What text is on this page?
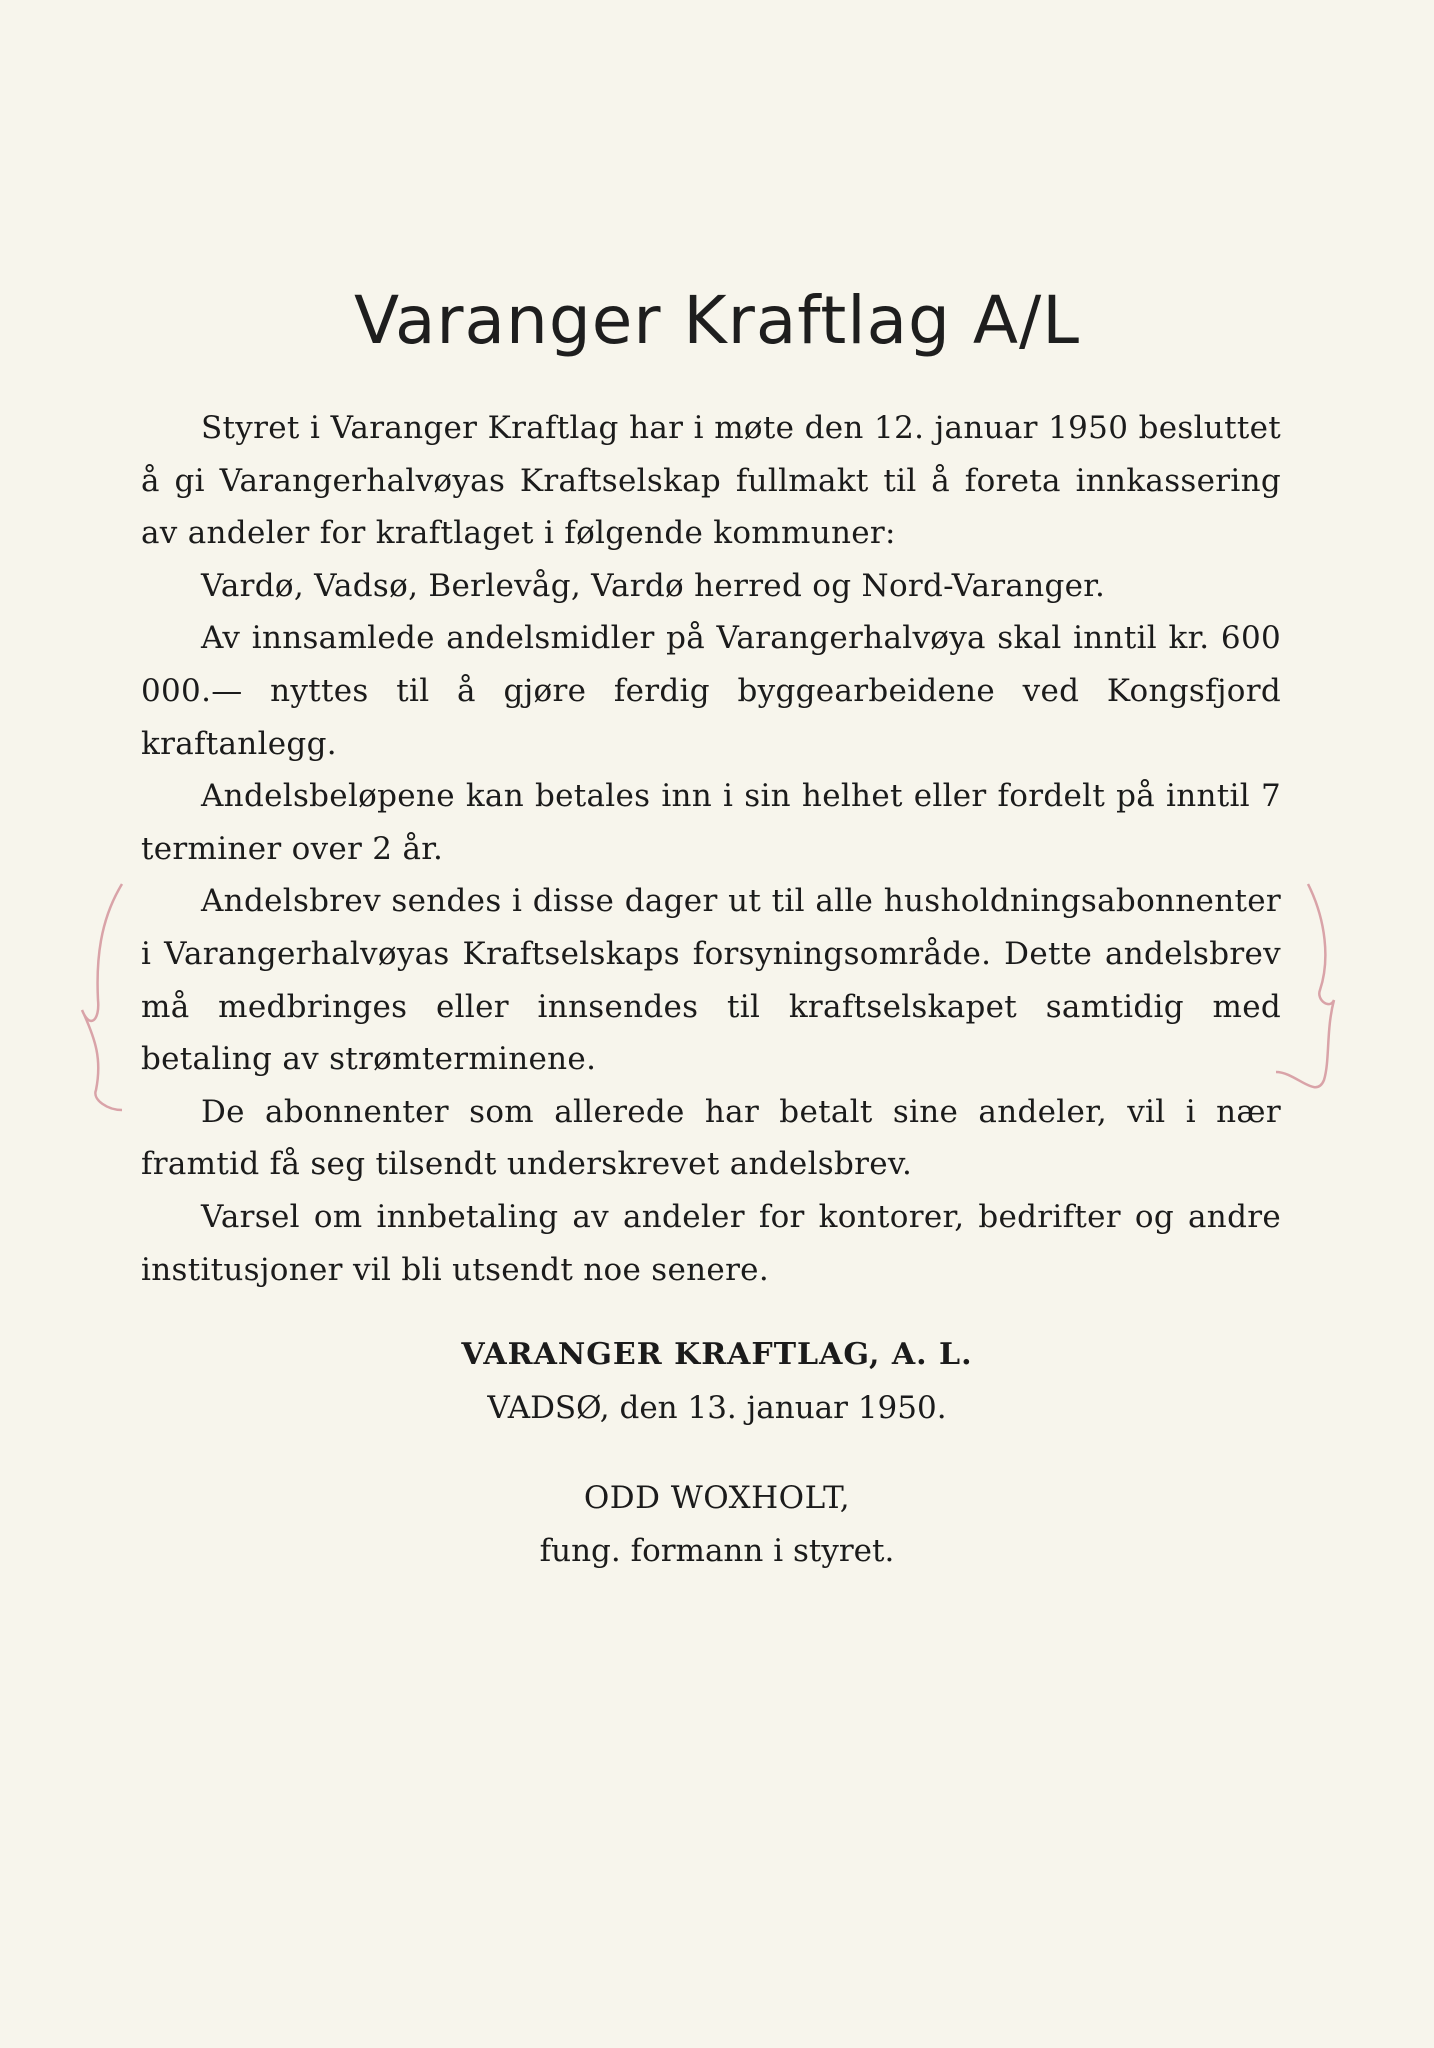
Varanger Kraftlag A/L

Styret i Varanger Kraftlag har i møte den 12. januar 1950 besluttet å gi Varangerhalvøyas Kraftselskap fullmakt til å foreta innkassering av andeler for kraftlaget i følgende kommuner:

Vardø, Vadsø, Berlevåg, Vardø herred og Nord-Varanger.

Av innsamlede andelsmidler på Varangerhalvøya skal inntil kr. 600 000.— nyttes til å gjøre ferdig byggearbeidene ved Kongsfjord kraftanlegg.

Andelsbeløpene kan betales inn i sin helhet eller fordelt på inntil 7 terminer over 2 år.

Andelsbrev sendes i disse dager ut til alle husholdningsabonnenter i Varangerhalvøyas Kraftselskaps forsyningsområde. Dette andelsbrev må medbringes eller innsendes til kraftselskapet samtidig med betaling av strømterminene.

De abonnenter som allerede har betalt sine andeler, vil i nær framtid få seg tilsendt underskrevet andelsbrev.

Varsel om innbetaling av andeler for kontorer, bedrifter og andre institusjoner vil bli utsendt noe senere.

VARANGER KRAFTLAG, A. L.
VADSØ, den 13. januar 1950.
ODD WOXHOLT,
fung. formann i styret.
